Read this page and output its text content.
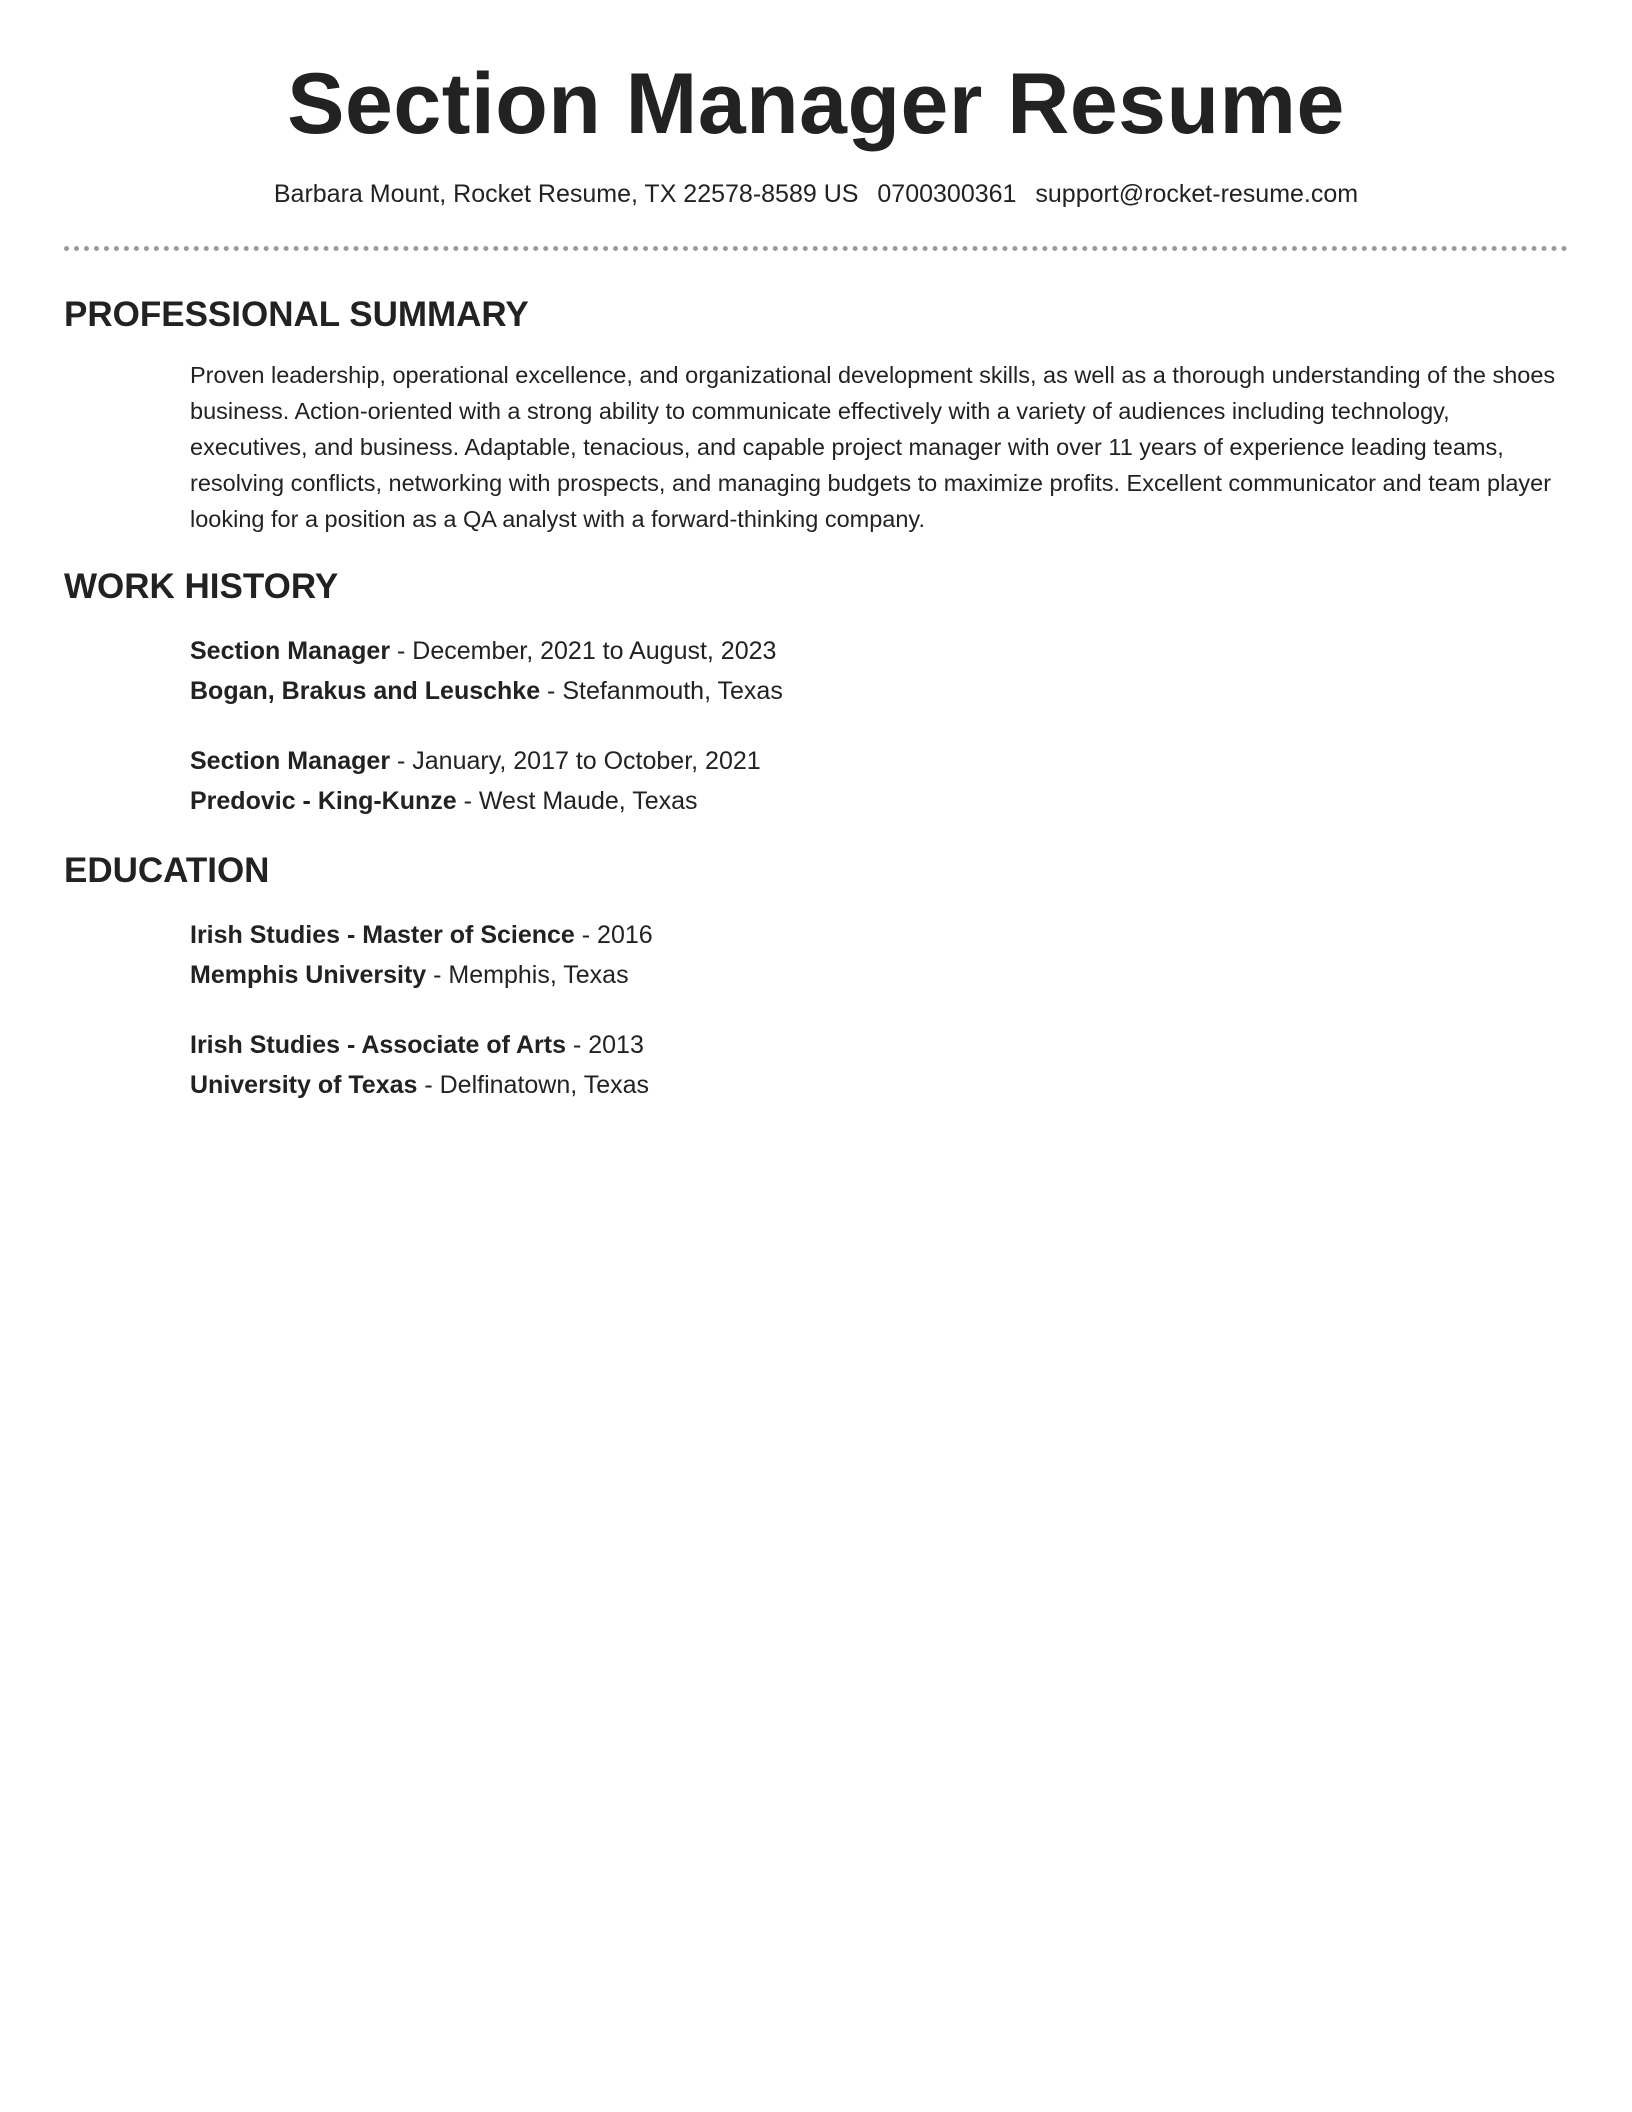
Section Manager Resume
Barbara Mount, Rocket Resume, TX 22578-8589 US 0700300361 support@rocket-resume.com
PROFESSIONAL SUMMARY

Proven leadership, operational excellence, and organizational development skills, as well as a thorough understanding of the shoes business. Action-oriented with a strong ability to communicate effectively with a variety of audiences including technology, executives, and business. Adaptable, tenacious, and capable project manager with over 11 years of experience leading teams, resolving conflicts, networking with prospects, and managing budgets to maximize profits. Excellent communicator and team player looking for a position as a QA analyst with a forward-thinking company.

WORK HISTORY
Section Manager - December, 2021 to August, 2023
Bogan, Brakus and Leuschke - Stefanmouth, Texas
Section Manager - January, 2017 to October, 2021
Predovic - King-Kunze - West Maude, Texas
EDUCATION
Irish Studies - Master of Science - 2016
Memphis University - Memphis, Texas
Irish Studies - Associate of Arts - 2013
University of Texas - Delfinatown, Texas
